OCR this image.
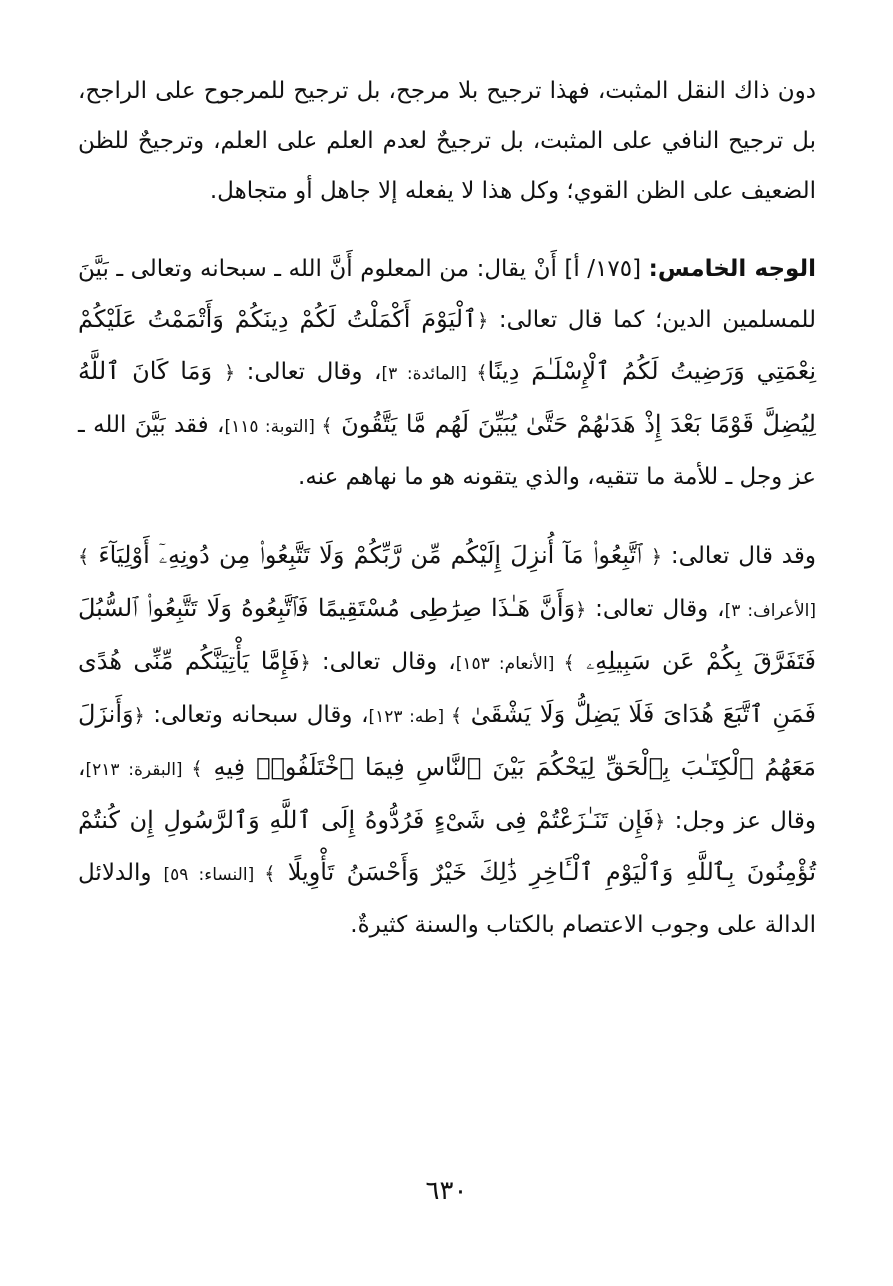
دون ذاك النقل المثبت، فهذا ترجيح بلا مرجح، بل ترجيح للمرجوح على الراجح، بل ترجيح النافي على المثبت، بل ترجيحٌ لعدم العلم على العلم، وترجيحٌ للظن الضعيف على الظن القوي؛ وكل هذا لا يفعله إلا جاهل أو متجاهل.

الوجه الخامس: [١٧٥/ أ] أَنْ يقال: من المعلوم أَنَّ الله ـ سبحانه وتعالى ـ بَيَّنَ للمسلمين الدين؛ كما قال تعالى: ﴿ٱلْيَوْمَ أَكْمَلْتُ لَكُمْ دِينَكُمْ وَأَتْمَمْتُ عَلَيْكُمْ نِعْمَتِي وَرَضِيتُ لَكُمُ ٱلْإِسْلَـٰمَ دِينًا﴾ [المائدة: ٣]، وقال تعالى: ﴿ وَمَا كَانَ ٱللَّهُ لِيُضِلَّ قَوْمًا بَعْدَ إِذْ هَدَىٰهُمْ حَتَّىٰ يُبَيِّنَ لَهُم مَّا يَتَّقُونَ ﴾ [التوبة: ١١٥]، فقد بَيَّنَ الله ـ عز وجل ـ للأمة ما تتقيه، والذي يتقونه هو ما نهاهم عنه.

وقد قال تعالى: ﴿ ٱتَّبِعُوا۟ مَآ أُنزِلَ إِلَيْكُم مِّن رَّبِّكُمْ وَلَا تَتَّبِعُوا۟ مِن دُونِهِۦٓ أَوْلِيَآءَ ﴾ [الأعراف: ٣]، وقال تعالى: ﴿وَأَنَّ هَـٰذَا صِرَٰطِى مُسْتَقِيمًا فَٱتَّبِعُوهُ وَلَا تَتَّبِعُوا۟ ٱلسُّبُلَ فَتَفَرَّقَ بِكُمْ عَن سَبِيلِهِۦ ﴾ [الأنعام: ١٥٣]، وقال تعالى: ﴿فَإِمَّا يَأْتِيَنَّكُم مِّنِّى هُدًى فَمَنِ ٱتَّبَعَ هُدَاىَ فَلَا يَضِلُّ وَلَا يَشْقَىٰ ﴾ [طه: ١٢٣]، وقال سبحانه وتعالى: ﴿وَأَنزَلَ مَعَهُمُ ٱلْكِتَـٰبَ بِٱلْحَقِّ لِيَحْكُمَ بَيْنَ ٱلنَّاسِ فِيمَا ٱخْتَلَفُوا۟ فِيهِ ﴾ [البقرة: ٢١٣]، وقال عز وجل: ﴿فَإِن تَنَـٰزَعْتُمْ فِى شَىْءٍ فَرُدُّوهُ إِلَى ٱللَّهِ وَٱلرَّسُولِ إِن كُنتُمْ تُؤْمِنُونَ بِٱللَّهِ وَٱلْيَوْمِ ٱلْـَٔاخِرِ ذَٰلِكَ خَيْرٌ وَأَحْسَنُ تَأْوِيلًا ﴾ [النساء: ٥٩] والدلائل الدالة على وجوب الاعتصام بالكتاب والسنة كثيرةٌ.

٦٣٠
